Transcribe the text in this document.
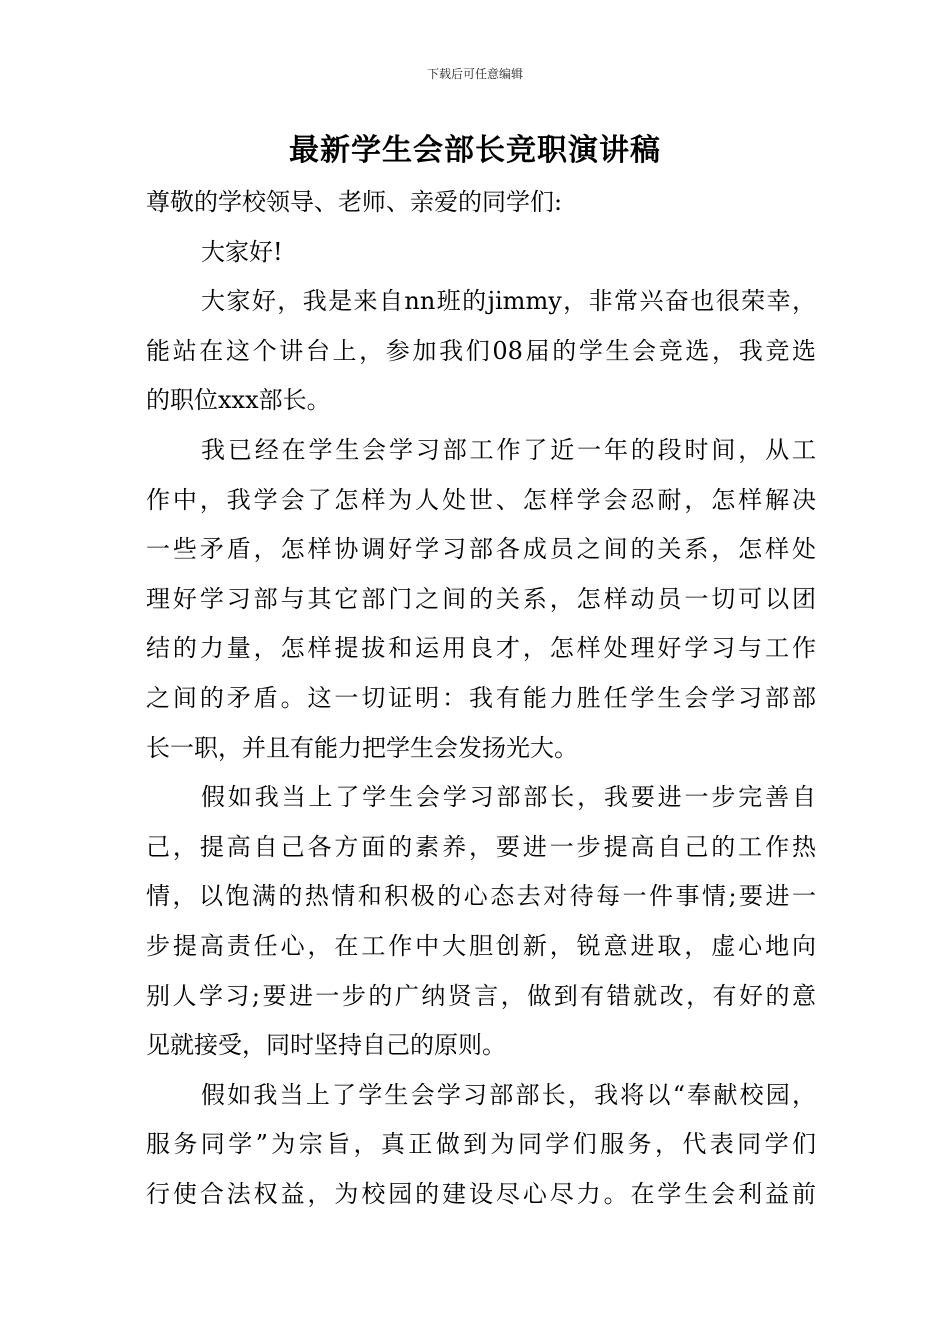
下载后可任意编辑
最新学生会部长竞职演讲稿
尊敬的学校领导、老师、亲爱的同学们:
大家好!
大家好，我是来自nn班的jimmy，非常兴奋也很荣幸，
能站在这个讲台上，参加我们08届的学生会竞选，我竞选
的职位xxx部长。
我已经在学生会学习部工作了近一年的段时间，从工
作中，我学会了怎样为人处世、怎样学会忍耐，怎样解决
一些矛盾，怎样协调好学习部各成员之间的关系，怎样处
理好学习部与其它部门之间的关系，怎样动员一切可以团
结的力量，怎样提拔和运用良才，怎样处理好学习与工作
之间的矛盾。这一切证明：我有能力胜任学生会学习部部
长一职，并且有能力把学生会发扬光大。
假如我当上了学生会学习部部长，我要进一步完善自
己，提高自己各方面的素养，要进一步提高自己的工作热
情，以饱满的热情和积极的心态去对待每一件事情;要进一
步提高责任心，在工作中大胆创新，锐意进取，虚心地向
别人学习;要进一步的广纳贤言，做到有错就改，有好的意
见就接受，同时坚持自己的原则。
假如我当上了学生会学习部部长，我将以“奉献校园，
服务同学”为宗旨，真正做到为同学们服务，代表同学们
行使合法权益，为校园的建设尽心尽力。在学生会利益前
